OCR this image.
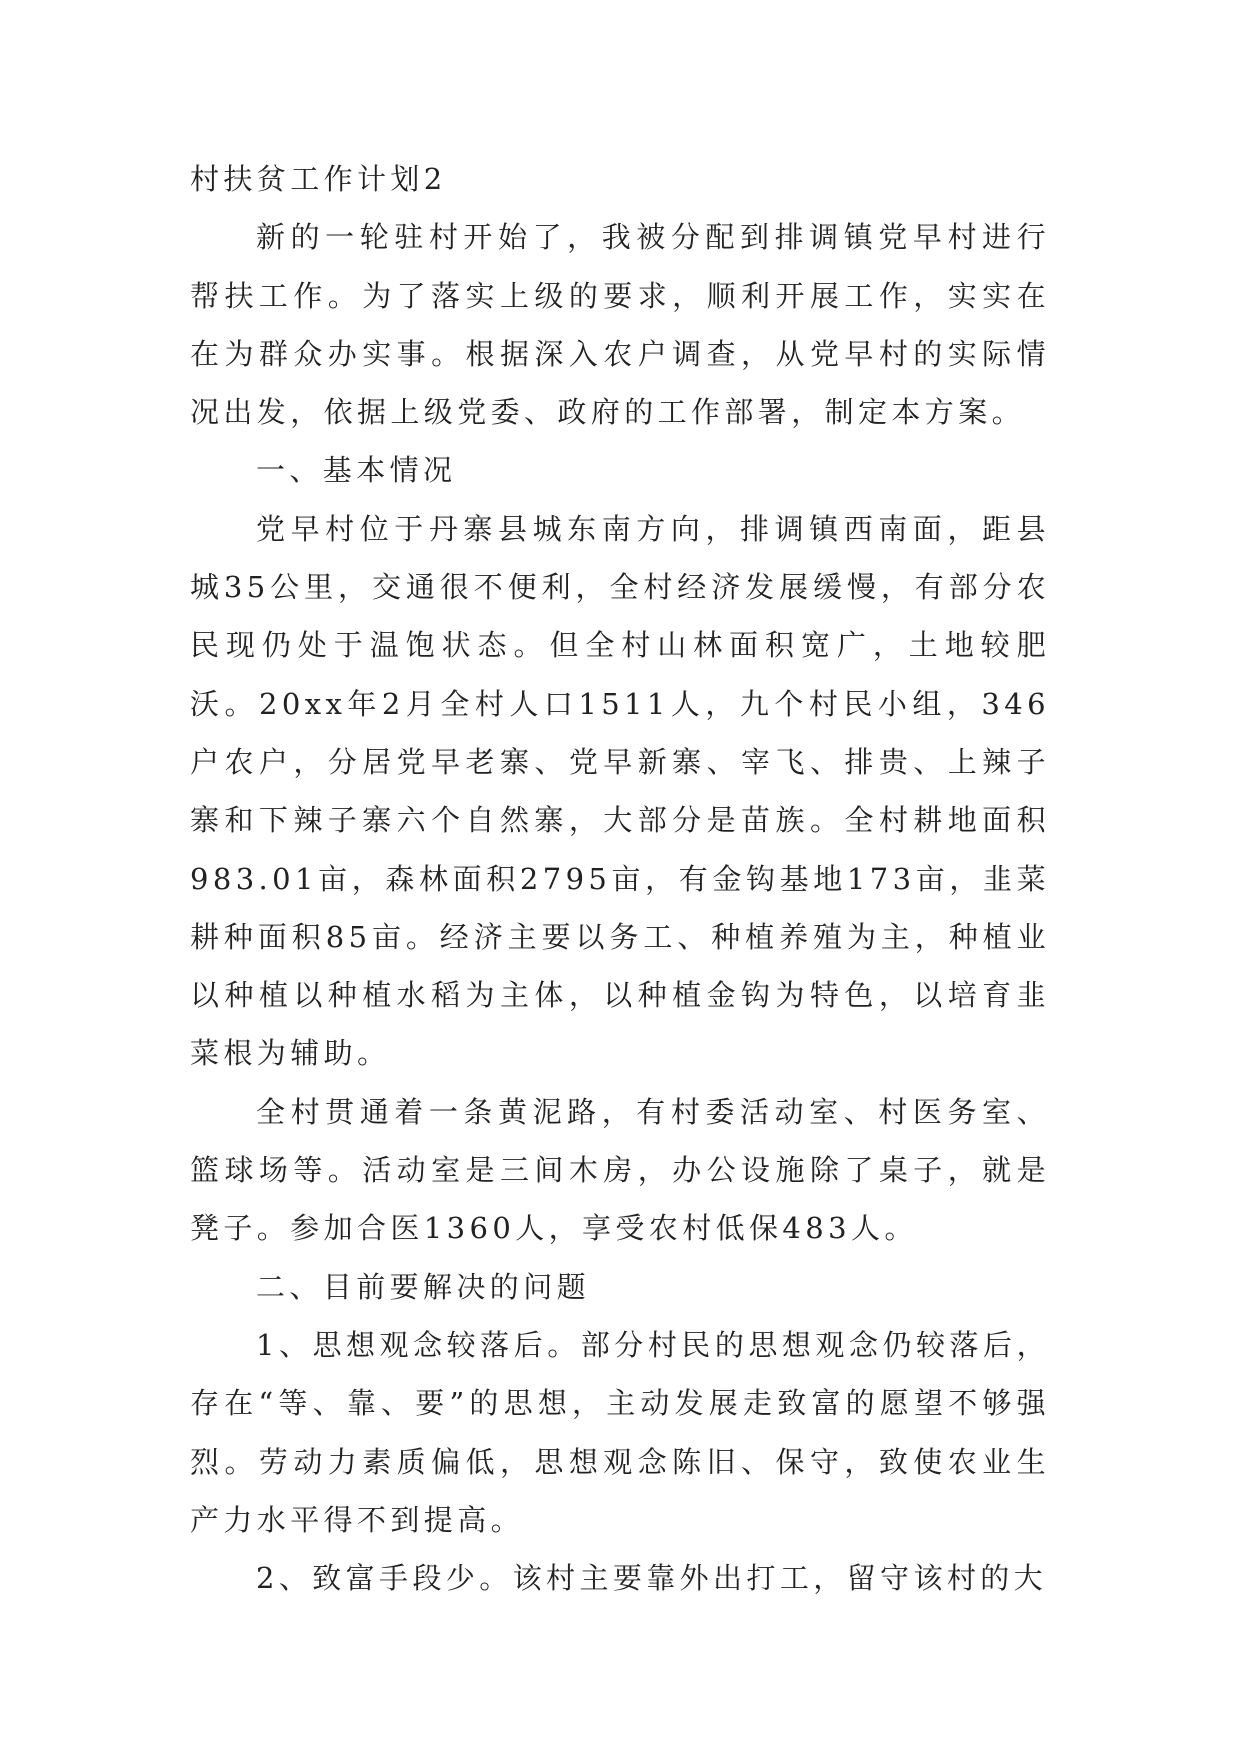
村扶贫工作计划2

新的一轮驻村开始了，我被分配到排调镇党早村进行帮扶工作。为了落实上级的要求，顺利开展工作，实实在在为群众办实事。根据深入农户调查，从党早村的实际情况出发，依据上级党委、政府的工作部署，制定本方案。

一、基本情况

党早村位于丹寨县城东南方向，排调镇西南面，距县城35公里，交通很不便利，全村经济发展缓慢，有部分农民现仍处于温饱状态。但全村山林面积宽广，土地较肥沃。20xx年2月全村人口1511人，九个村民小组，346户农户，分居党早老寨、党早新寨、宰飞、排贵、上辣子寨和下辣子寨六个自然寨，大部分是苗族。全村耕地面积983.01亩，森林面积2795亩，有金钩基地173亩，韭菜耕种面积85亩。经济主要以务工、种植养殖为主，种植业以种植以种植水稻为主体，以种植金钩为特色，以培育韭菜根为辅助。

全村贯通着一条黄泥路，有村委活动室、村医务室、篮球场等。活动室是三间木房，办公设施除了桌子，就是凳子。参加合医1360人，享受农村低保483人。

二、目前要解决的问题

1、思想观念较落后。部分村民的思想观念仍较落后，存在“等、靠、要”的思想，主动发展走致富的愿望不够强烈。劳动力素质偏低，思想观念陈旧、保守，致使农业生产力水平得不到提高。

2、致富手段少。该村主要靠外出打工，留守该村的大
